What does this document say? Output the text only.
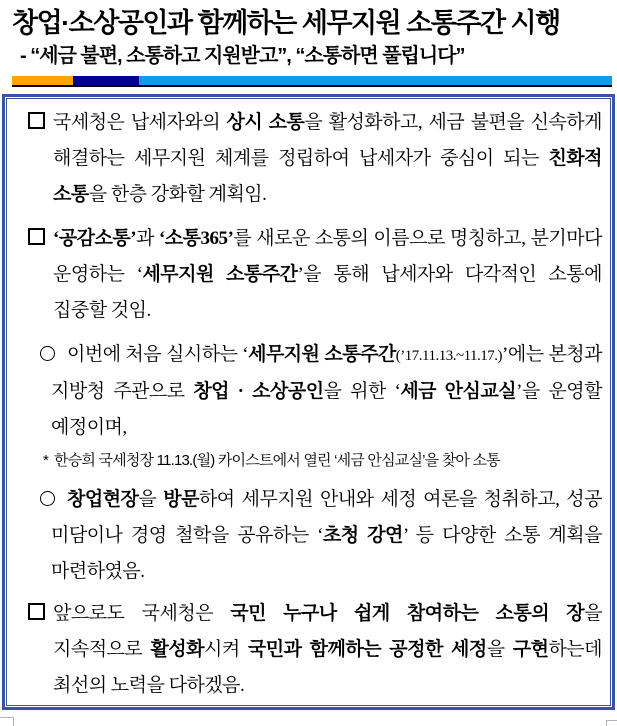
창업·소상공인과 함께하는 세무지원 소통주간 시행
- “세금 불편, 소통하고 지원받고”, “소통하면 풀립니다”
국세청은 납세자와의 상시 소통을 활성화하고, 세금 불편을 신속하게 해결하는 세무지원 체계를 정립하여 납세자가 중심이 되는 친화적 소통을 한층 강화할 계획임.
‘공감소통’과 ‘소통365’를 새로운 소통의 이름으로 명칭하고, 분기마다 운영하는 ‘세무지원 소통주간’을 통해 납세자와 다각적인 소통에 집중할 것임.
이번에 처음 실시하는 ‘세무지원 소통주간(’17.11.13.~11.17.)’에는 본청과 지방청 주관으로 창업 · 소상공인을 위한 ‘세금 안심교실’을 운영할 예정이며,
* 한승희 국세청장 11.13.(월) 카이스트에서 열린 ‘세금 안심교실’을 찾아 소통
창업현장을 방문하여 세무지원 안내와 세정 여론을 청취하고, 성공 미담이나 경영 철학을 공유하는 ‘초청 강연’ 등 다양한 소통 계획을 마련하였음.
앞으로도 국세청은 국민 누구나 쉽게 참여하는 소통의 장을 지속적으로 활성화시켜 국민과 함께하는 공정한 세정을 구현하는데 최선의 노력을 다하겠음.
